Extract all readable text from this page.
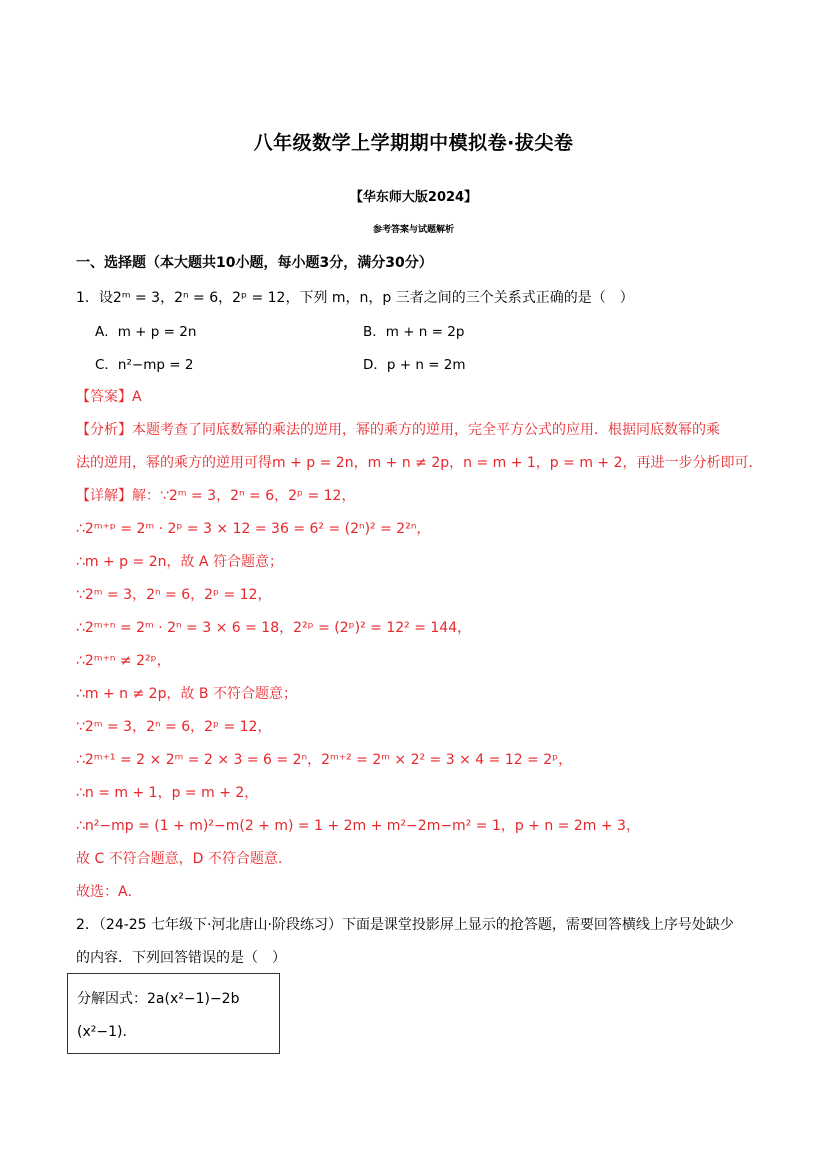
八年级数学上学期期中模拟卷·拔尖卷
【华东师大版2024】
参考答案与试题解析
一、选择题（本大题共10小题，每小题3分，满分30分）
1．设2ᵐ = 3，2ⁿ = 6，2ᵖ = 12，下列 m，n，p 三者之间的三个关系式正确的是（　）
A．m + p = 2n	B．m + n = 2p
C．n²−mp = 2	D．p + n = 2m
【答案】A
【分析】本题考查了同底数幂的乘法的逆用，幂的乘方的逆用，完全平方公式的应用．根据同底数幂的乘
法的逆用，幂的乘方的逆用可得m + p = 2n，m + n ≠ 2p，n = m + 1，p = m + 2，再进一步分析即可．
【详解】解：∵2ᵐ = 3，2ⁿ = 6，2ᵖ = 12，
∴2ᵐ⁺ᵖ = 2ᵐ · 2ᵖ = 3 × 12 = 36 = 6² = (2ⁿ)² = 2²ⁿ，
∴m + p = 2n，故 A 符合题意；
∵2ᵐ = 3，2ⁿ = 6，2ᵖ = 12，
∴2ᵐ⁺ⁿ = 2ᵐ · 2ⁿ = 3 × 6 = 18，2²ᵖ = (2ᵖ)² = 12² = 144，
∴2ᵐ⁺ⁿ ≠ 2²ᵖ，
∴m + n ≠ 2p，故 B 不符合题意；
∵2ᵐ = 3，2ⁿ = 6，2ᵖ = 12，
∴2ᵐ⁺¹ = 2 × 2ᵐ = 2 × 3 = 6 = 2ⁿ，2ᵐ⁺² = 2ᵐ × 2² = 3 × 4 = 12 = 2ᵖ，
∴n = m + 1，p = m + 2，
∴n²−mp = (1 + m)²−m(2 + m) = 1 + 2m + m²−2m−m² = 1，p + n = 2m + 3，
故 C 不符合题意，D 不符合题意.
故选：A．
2．（24-25 七年级下·河北唐山·阶段练习）下面是课堂投影屏上显示的抢答题，需要回答横线上序号处缺少
的内容．下列回答错误的是（　）
分解因式：2a(x²−1)−2b
(x²−1)．
